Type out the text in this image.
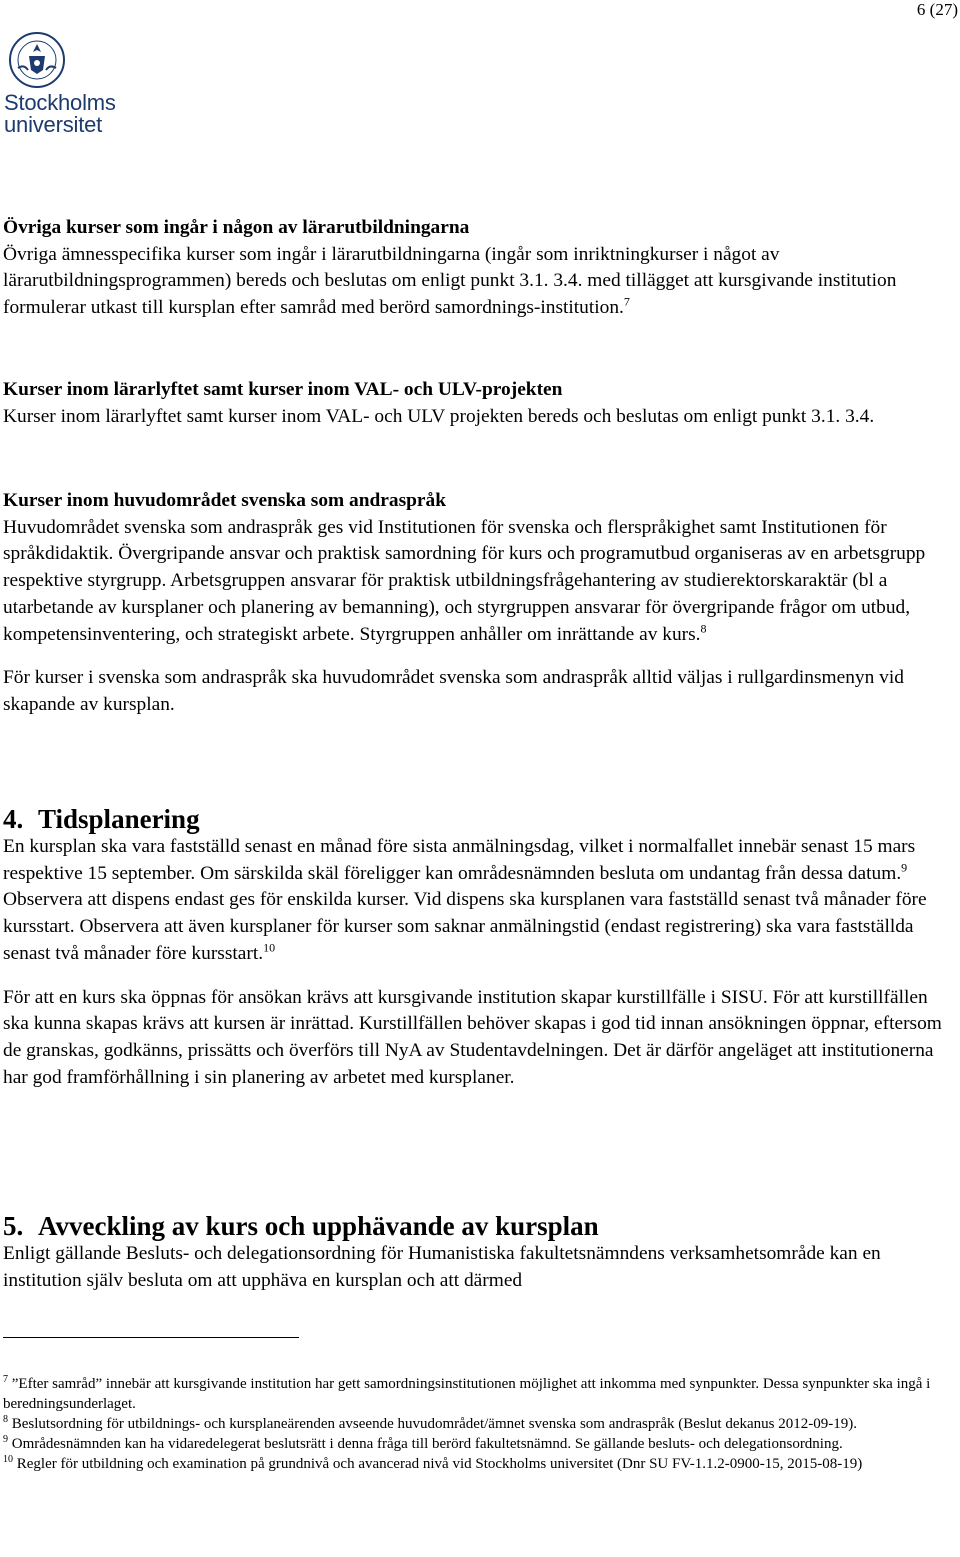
6 (27)
Stockholms
universitet
Övriga kurser som ingår i någon av lärarutbildningarna

Övriga ämnesspecifika kurser som ingår i lärarutbildningarna (ingår som inriktningkurser i något av lärarutbildningsprogrammen) bereds och beslutas om enligt punkt 3.1. 3.4. med tillägget att kursgivande institution formulerar utkast till kursplan efter samråd med berörd samordnings-institution.$^7$

Kurser inom lärarlyftet samt kurser inom VAL- och ULV-projekten

Kurser inom lärarlyftet samt kurser inom VAL- och ULV projekten bereds och beslutas om enligt punkt 3.1. 3.4.

Kurser inom huvudområdet svenska som andraspråk

Huvudområdet svenska som andraspråk ges vid Institutionen för svenska och flerspråkighet samt Institutionen för språkdidaktik. Övergripande ansvar och praktisk samordning för kurs och programutbud organiseras av en arbetsgrupp respektive styrgrupp. Arbetsgruppen ansvarar för praktisk utbildningsfrågehantering av studierektorskaraktär (bl a utarbetande av kursplaner och planering av bemanning), och styrgruppen ansvarar för övergripande frågor om utbud, kompetensinventering, och strategiskt arbete. Styrgruppen anhåller om inrättande av kurs.$^8$

För kurser i svenska som andraspråk ska huvudområdet svenska som andraspråk alltid väljas i rullgardinsmenyn vid skapande av kursplan.

4. Tidsplanering

En kursplan ska vara fastställd senast en månad före sista anmälningsdag, vilket i normalfallet innebär senast 15 mars respektive 15 september. Om särskilda skäl föreligger kan områdesnämnden besluta om undantag från dessa datum.$^9$ Observera att dispens endast ges för enskilda kurser. Vid dispens ska kursplanen vara fastställd senast två månader före kursstart. Observera att även kursplaner för kurser som saknar anmälningstid (endast registrering) ska vara fastställda senast två månader före kursstart.$^{10}$

För att en kurs ska öppnas för ansökan krävs att kursgivande institution skapar kurstillfälle i SISU. För att kurstillfällen ska kunna skapas krävs att kursen är inrättad. Kurstillfällen behöver skapas i god tid innan ansökningen öppnar, eftersom de granskas, godkänns, prissätts och överförs till NyA av Studentavdelningen. Det är därför angeläget att institutionerna har god framförhållning i sin planering av arbetet med kursplaner.

5. Avveckling av kurs och upphävande av kursplan

Enligt gällande Besluts- och delegationsordning för Humanistiska fakultetsnämndens verksamhetsområde kan en institution själv besluta om att upphäva en kursplan och att därmed

$^7$ ”Efter samråd” innebär att kursgivande institution har gett samordningsinstitutionen möjlighet att inkomma med synpunkter. Dessa synpunkter ska ingå i beredningsunderlaget.

$^8$ Beslutsordning för utbildnings- och kursplaneärenden avseende huvudområdet/ämnet svenska som andraspråk (Beslut dekanus 2012-09-19).

$^9$ Områdesnämnden kan ha vidaredelegerat beslutsrätt i denna fråga till berörd fakultetsnämnd. Se gällande besluts- och delegationsordning.

$^{10}$ Regler för utbildning och examination på grundnivå och avancerad nivå vid Stockholms universitet (Dnr SU FV-1.1.2-0900-15, 2015-08-19)
